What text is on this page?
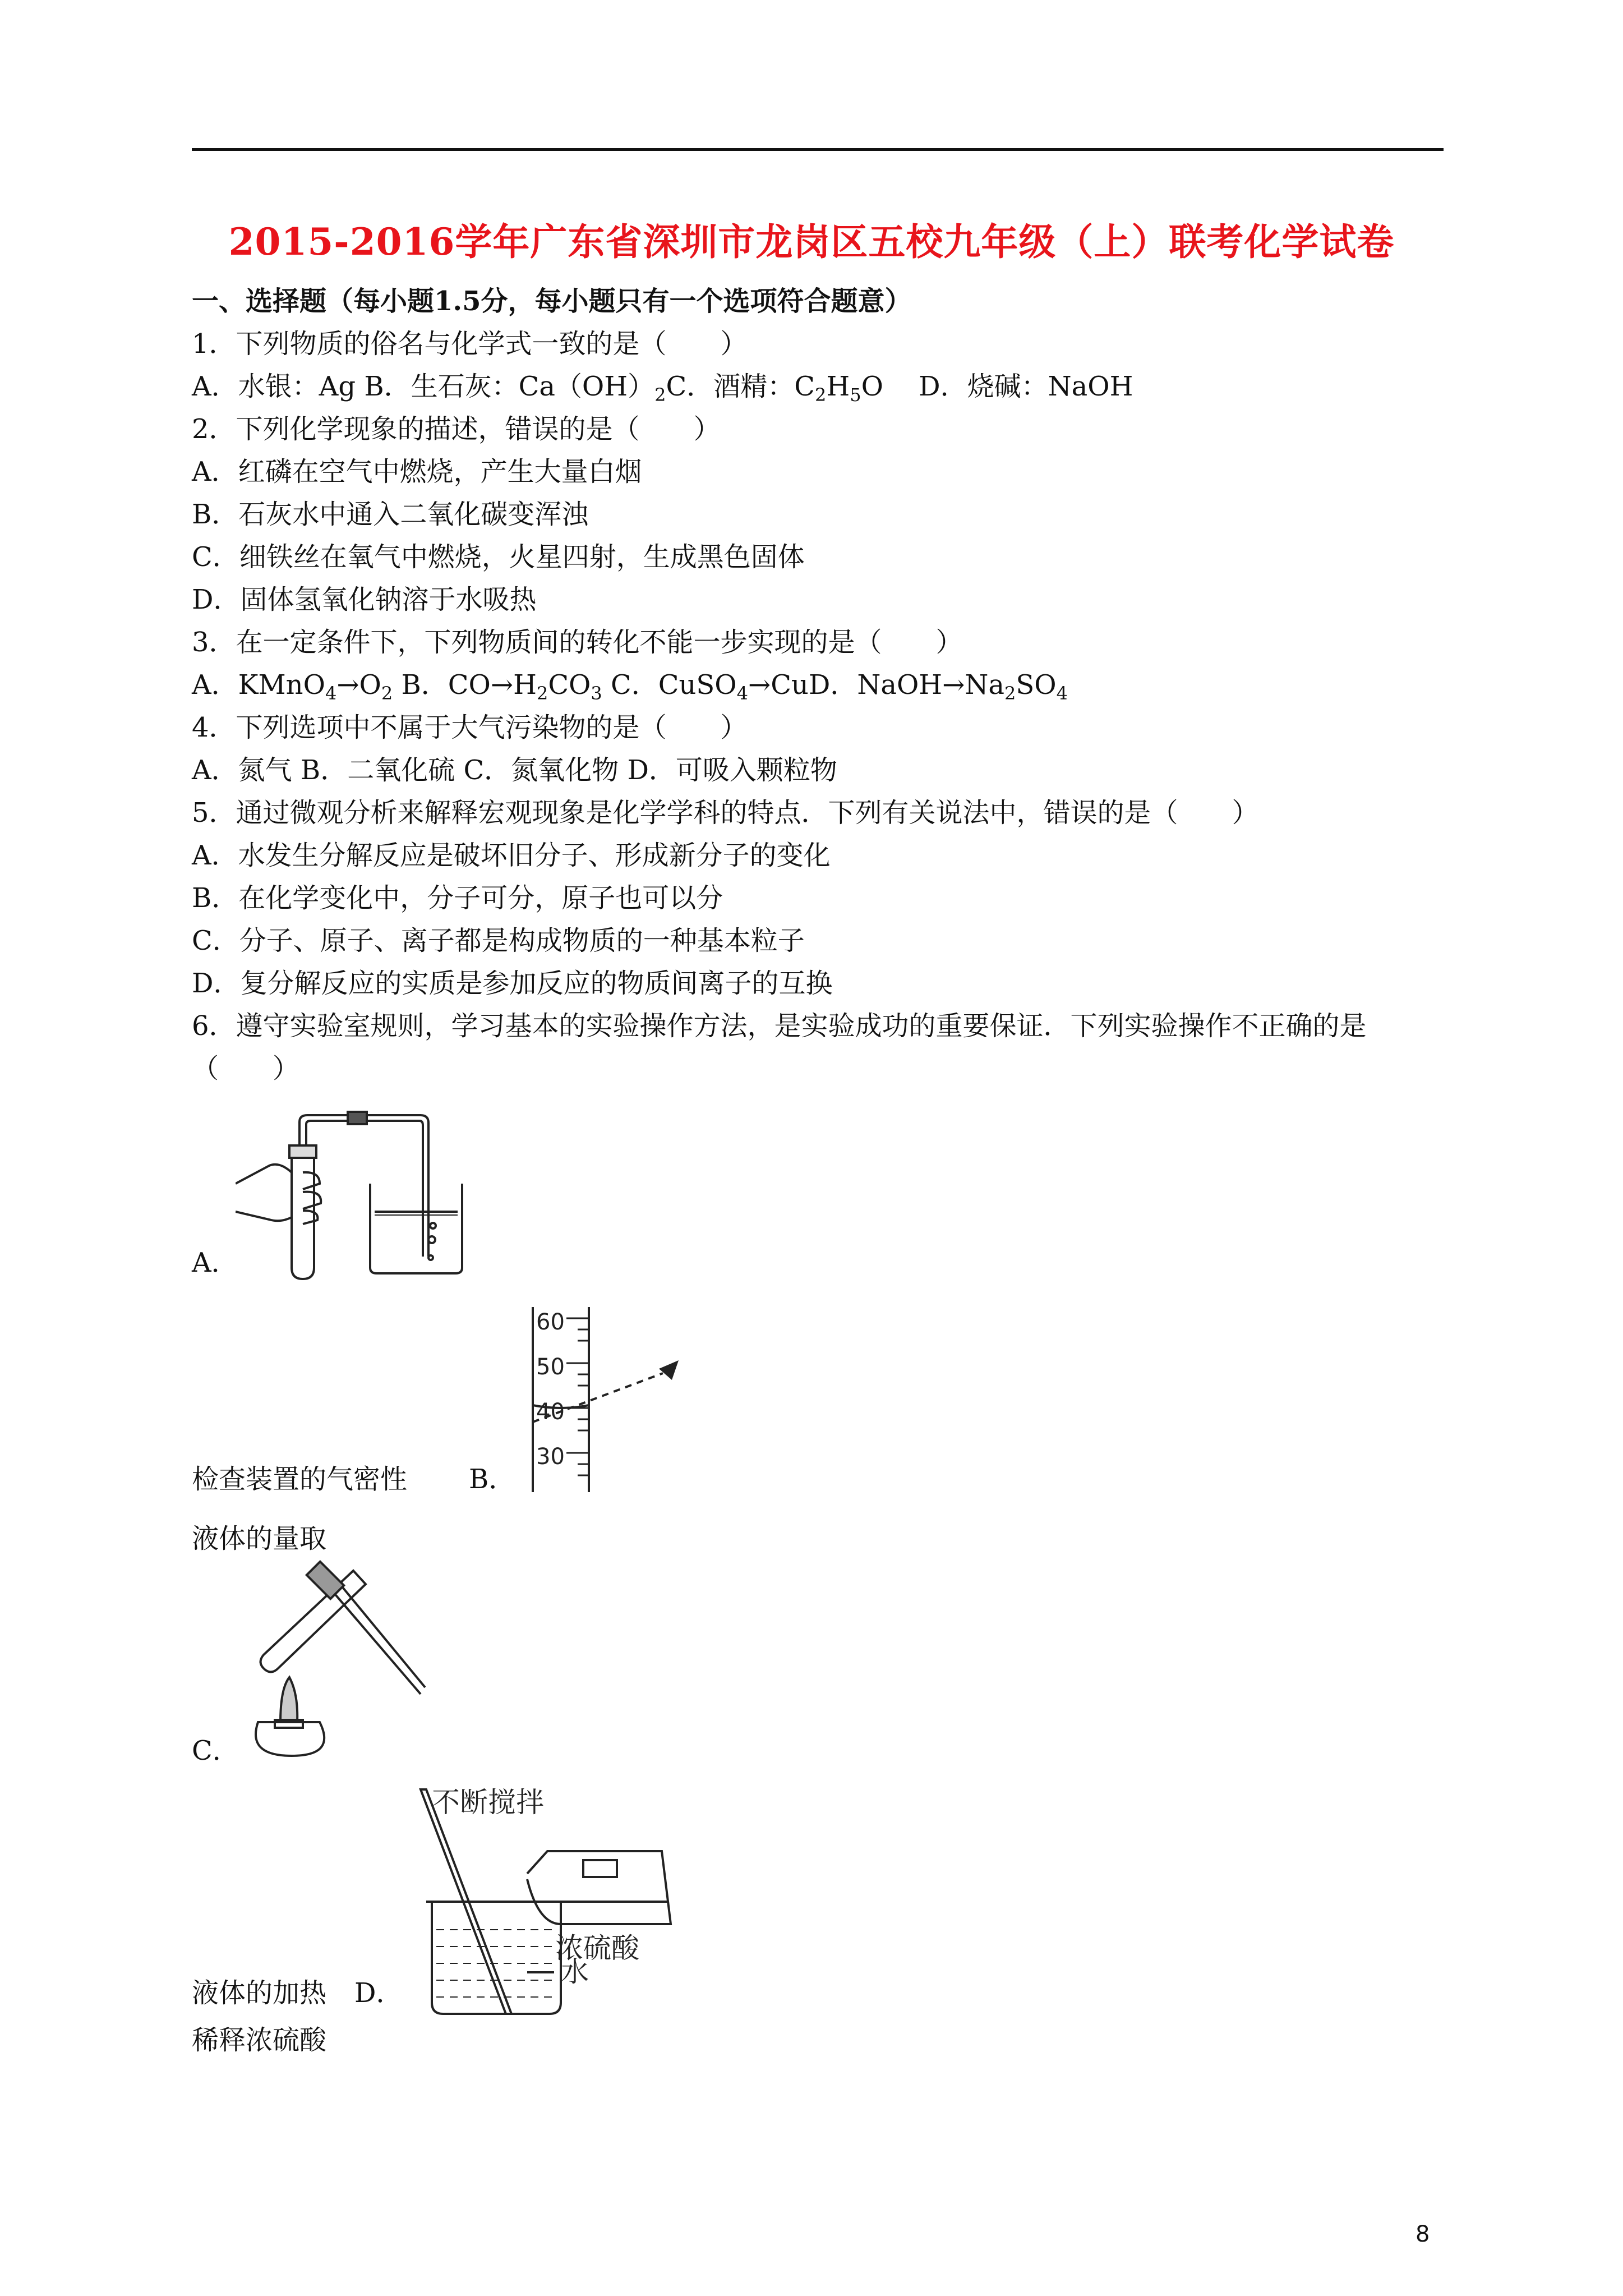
2015-2016学年广东省深圳市龙岗区五校九年级（上）联考化学试卷
一、选择题（每小题1.5分，每小题只有一个选项符合题意）
1．下列物质的俗名与化学式一致的是（　　）
A．水银：Ag B．生石灰：$Ca(OH)_2C$．酒精：$C_2H_5O$　 D．烧碱：NaOH
2．下列化学现象的描述，错误的是（　　）
A．红磷在空气中燃烧，产生大量白烟
B．石灰水中通入二氧化碳变浑浊
C．细铁丝在氧气中燃烧，火星四射，生成黑色固体
D．固体氢氧化钠溶于水吸热
3．在一定条件下，下列物质间的转化不能一步实现的是（　　）
A．$KMnO_4\to O_2$ B．$CO\to H_2CO_3$ C．CuSO$_4$→CuD．$NaOH\to Na_2SO_4$
4．下列选项中不属于大气污染物的是（　　）
A．氮气 B．二氧化硫 C．氮氧化物 D．可吸入颗粒物
5．通过微观分析来解释宏观现象是化学学科的特点．下列有关说法中，错误的是（　　）
A．水发生分解反应是破坏旧分子、形成新分子的变化
B．在化学变化中，分子可分，原子也可以分
C．分子、原子、离子都是构成物质的一种基本粒子
D．复分解反应的实质是参加反应的物质间离子的互换
6．遵守实验室规则，学习基本的实验操作方法，是实验成功的重要保证．下列实验操作不正确的是
（　　）
A．
60
50
40
30
检查装置的气密性 B．
液体的量取
C．
不断搅拌
浓硫酸
水
液体的加热 D．
稀释浓硫酸
8
